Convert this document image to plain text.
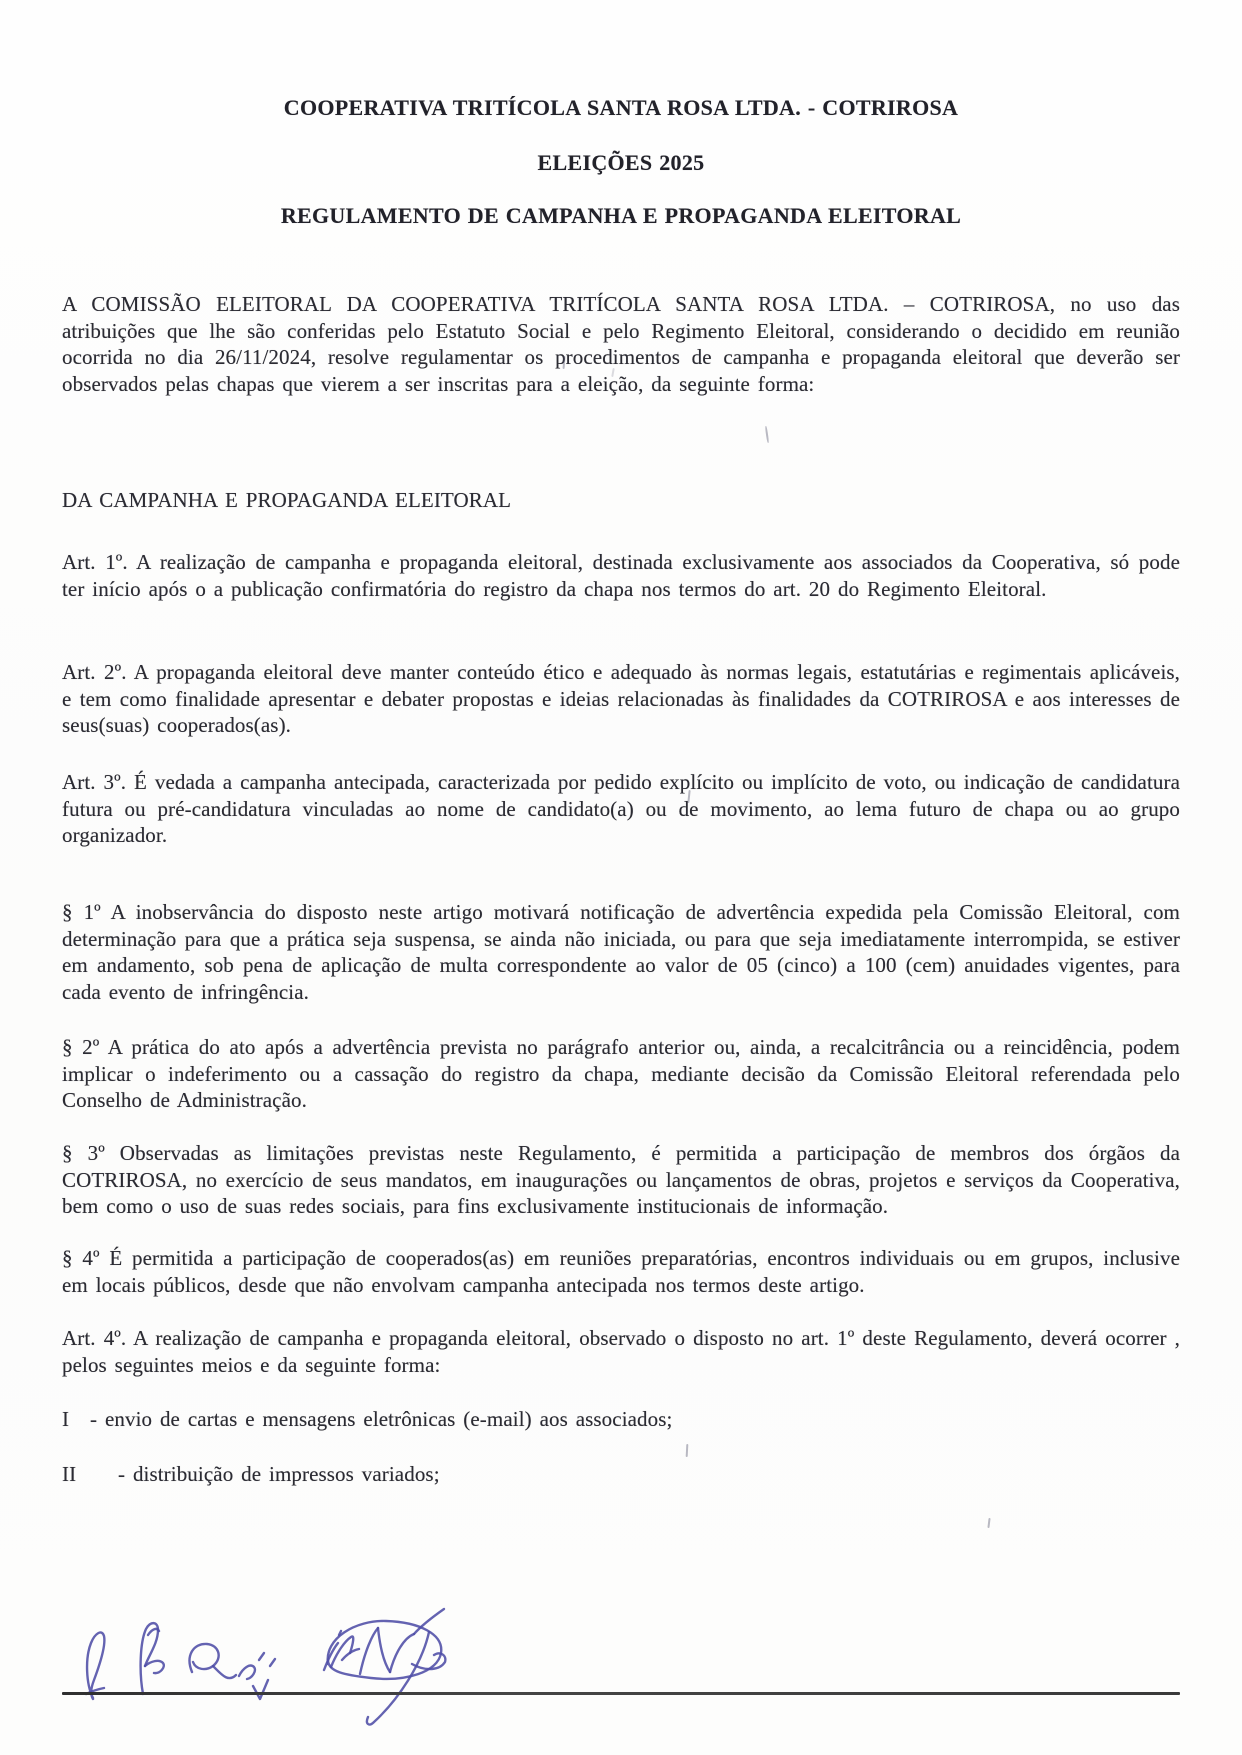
COOPERATIVA TRITÍCOLA SANTA ROSA LTDA. - COTRIROSA
ELEIÇÕES 2025
REGULAMENTO DE CAMPANHA E PROPAGANDA ELEITORAL
A COMISSÃO ELEITORAL DA COOPERATIVA TRITÍCOLA SANTA ROSA LTDA. – COTRIROSA, no uso das atribuições que lhe são conferidas pelo Estatuto Social e pelo Regimento Eleitoral, considerando o decidido em reunião ocorrida no dia 26/11/2024, resolve regulamentar os procedimentos de campanha e propaganda eleitoral que deverão ser observados pelas chapas que vierem a ser inscritas para a eleição, da seguinte forma:
DA CAMPANHA E PROPAGANDA ELEITORAL
Art. 1º. A realização de campanha e propaganda eleitoral, destinada exclusivamente aos associados da Cooperativa, só pode ter início após o a publicação confirmatória do registro da chapa nos termos do art. 20 do Regimento Eleitoral.
Art. 2º. A propaganda eleitoral deve manter conteúdo ético e adequado às normas legais, estatutárias e regimentais aplicáveis, e tem como finalidade apresentar e debater propostas e ideias relacionadas às finalidades da COTRIROSA e aos interesses de seus(suas) cooperados(as).
Art. 3º. É vedada a campanha antecipada, caracterizada por pedido explícito ou implícito de voto, ou indicação de candidatura futura ou pré-candidatura vinculadas ao nome de candidato(a) ou de movimento, ao lema futuro de chapa ou ao grupo organizador.
§ 1º A inobservância do disposto neste artigo motivará notificação de advertência expedida pela Comissão Eleitoral, com determinação para que a prática seja suspensa, se ainda não iniciada, ou para que seja imediatamente interrompida, se estiver em andamento, sob pena de aplicação de multa correspondente ao valor de 05 (cinco) a 100 (cem) anuidades vigentes, para cada evento de infringência.
§ 2º A prática do ato após a advertência prevista no parágrafo anterior ou, ainda, a recalcitrância ou a reincidência, podem implicar o indeferimento ou a cassação do registro da chapa, mediante decisão da Comissão Eleitoral referendada pelo Conselho de Administração.
§ 3º Observadas as limitações previstas neste Regulamento, é permitida a participação de membros dos órgãos da COTRIROSA, no exercício de seus mandatos, em inaugurações ou lançamentos de obras, projetos e serviços da Cooperativa, bem como o uso de suas redes sociais, para fins exclusivamente institucionais de informação.
§ 4º É permitida a participação de cooperados(as) em reuniões preparatórias, encontros individuais ou em grupos, inclusive em locais públicos, desde que não envolvam campanha antecipada nos termos deste artigo.
Art. 4º. A realização de campanha e propaganda eleitoral, observado o disposto no art. 1º deste Regulamento, deverá ocorrer , pelos seguintes meios e da seguinte forma:
I - envio de cartas e mensagens eletrônicas (e-mail) aos associados;
II	- distribuição de impressos variados;
